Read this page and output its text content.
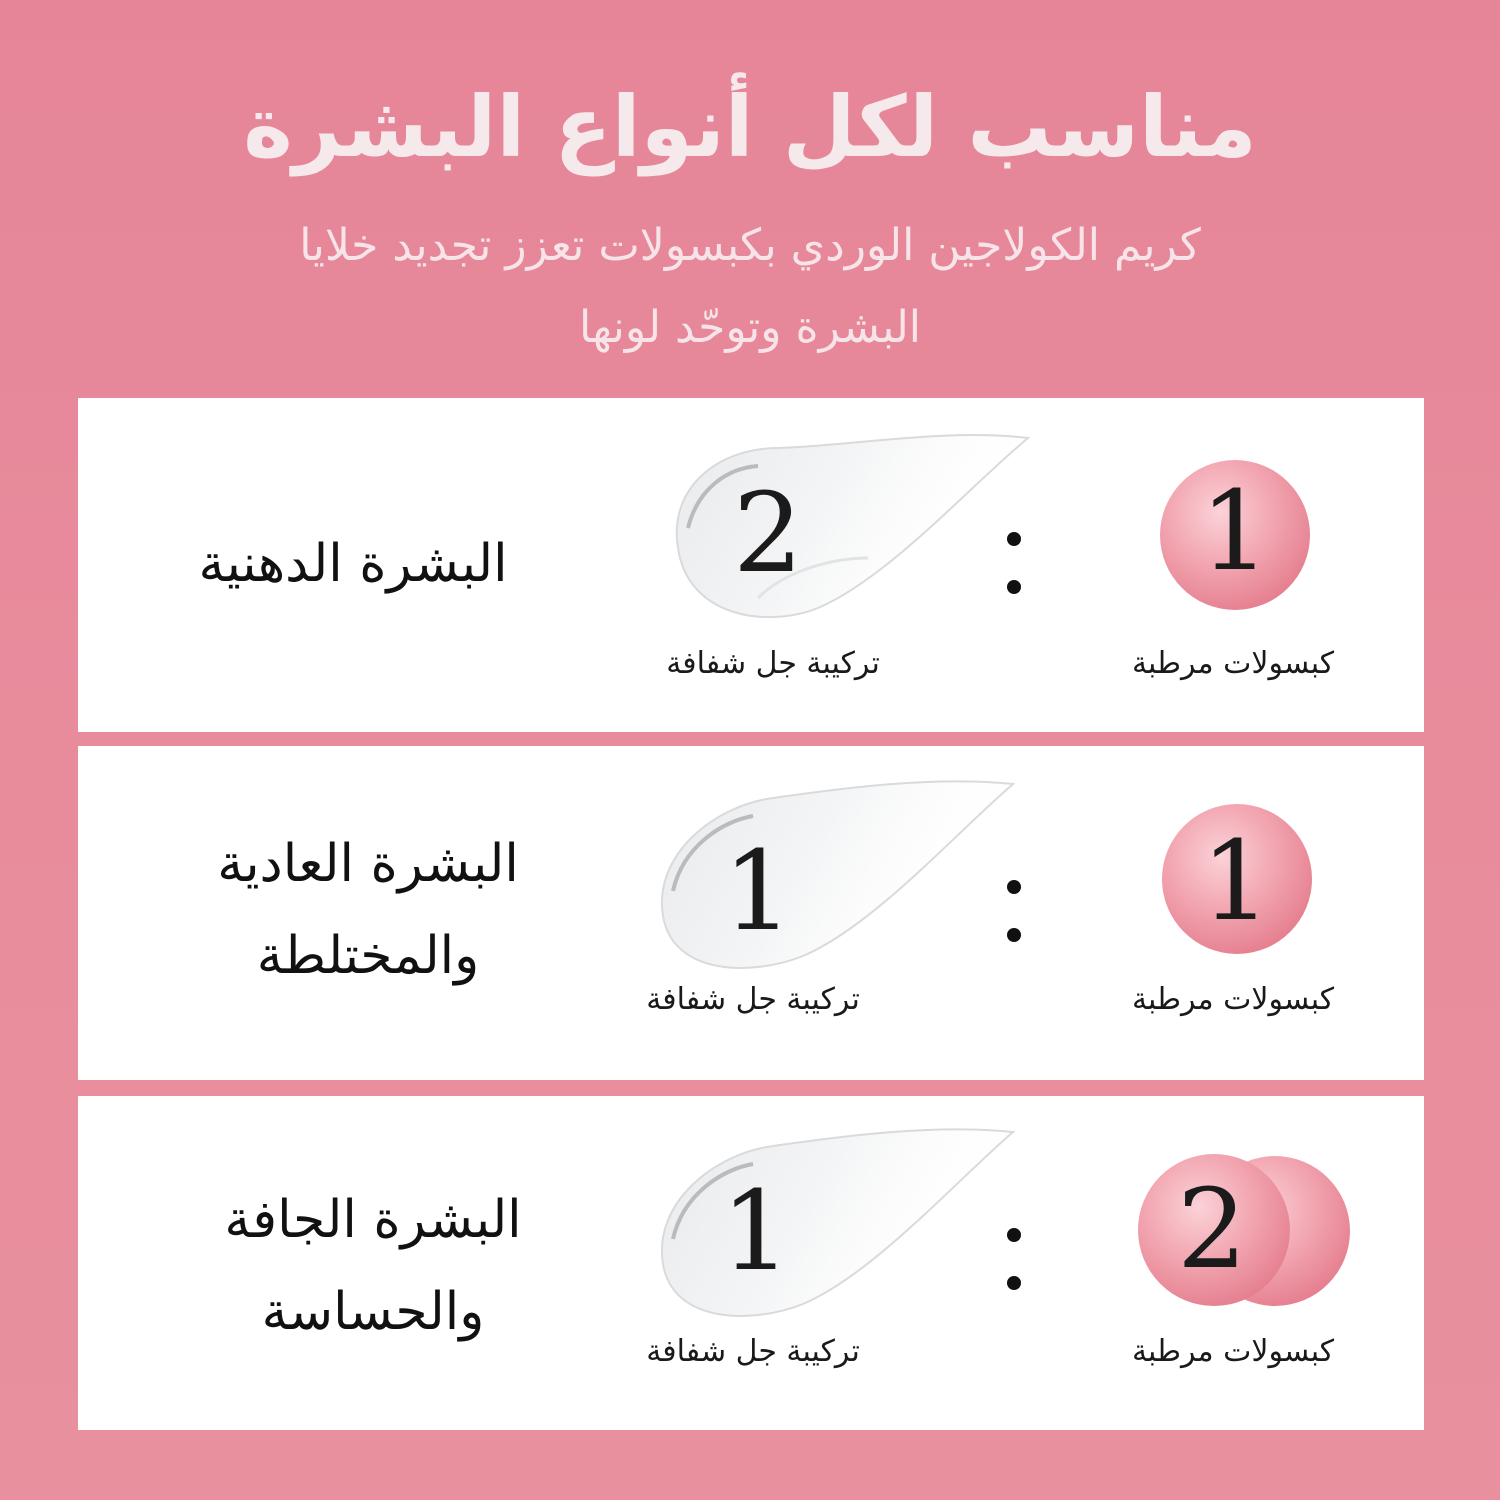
مناسب لكل أنواع البشرة
كريم الكولاجين الوردي بكبسولات تعزز تجديد خلايا
البشرة وتوحّد لونها
1
كبسولات مرطبة
2
تركيبة جل شفافة
البشرة الدهنية
1
كبسولات مرطبة
1
تركيبة جل شفافة
البشرة العادية
والمختلطة
2
كبسولات مرطبة
1
تركيبة جل شفافة
البشرة الجافة
والحساسة
